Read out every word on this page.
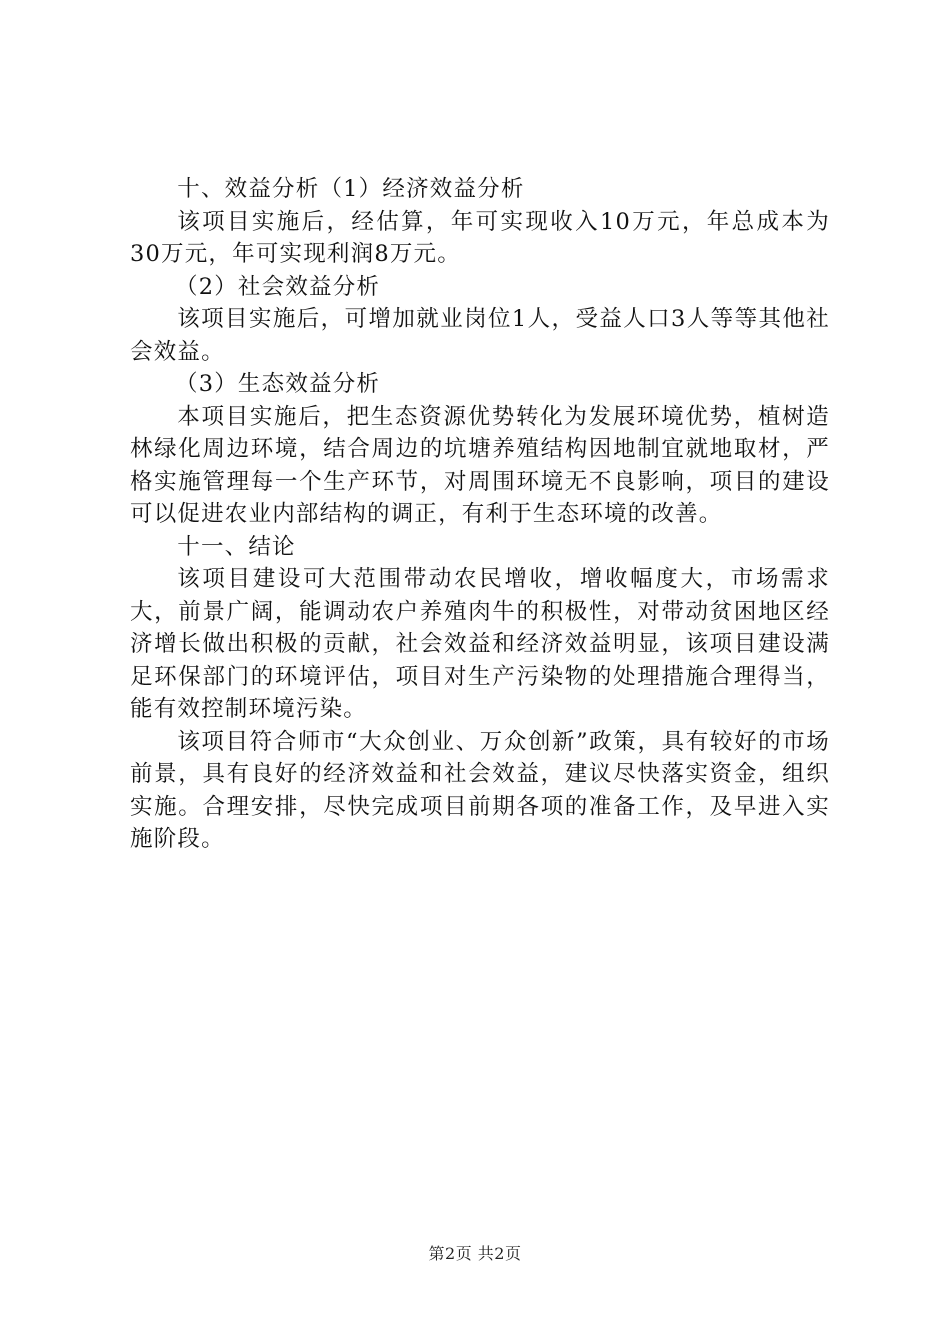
十、效益分析（1）经济效益分析

该项目实施后，经估算，年可实现收入10万元，年总成本为30万元，年可实现利润8万元。

（2）社会效益分析

该项目实施后，可增加就业岗位1人，受益人口3人等等其他社会效益。

（3）生态效益分析

本项目实施后，把生态资源优势转化为发展环境优势，植树造林绿化周边环境，结合周边的坑塘养殖结构因地制宜就地取材，严格实施管理每一个生产环节，对周围环境无不良影响，项目的建设可以促进农业内部结构的调正，有利于生态环境的改善。

十一、结论

该项目建设可大范围带动农民增收，增收幅度大，市场需求大，前景广阔，能调动农户养殖肉牛的积极性，对带动贫困地区经济增长做出积极的贡献，社会效益和经济效益明显，该项目建设满足环保部门的环境评估，项目对生产污染物的处理措施合理得当，能有效控制环境污染。

该项目符合师市“大众创业、万众创新”政策，具有较好的市场前景，具有良好的经济效益和社会效益，建议尽快落实资金，组织实施。合理安排，尽快完成项目前期各项的准备工作，及早进入实施阶段。

第2页 共2页
